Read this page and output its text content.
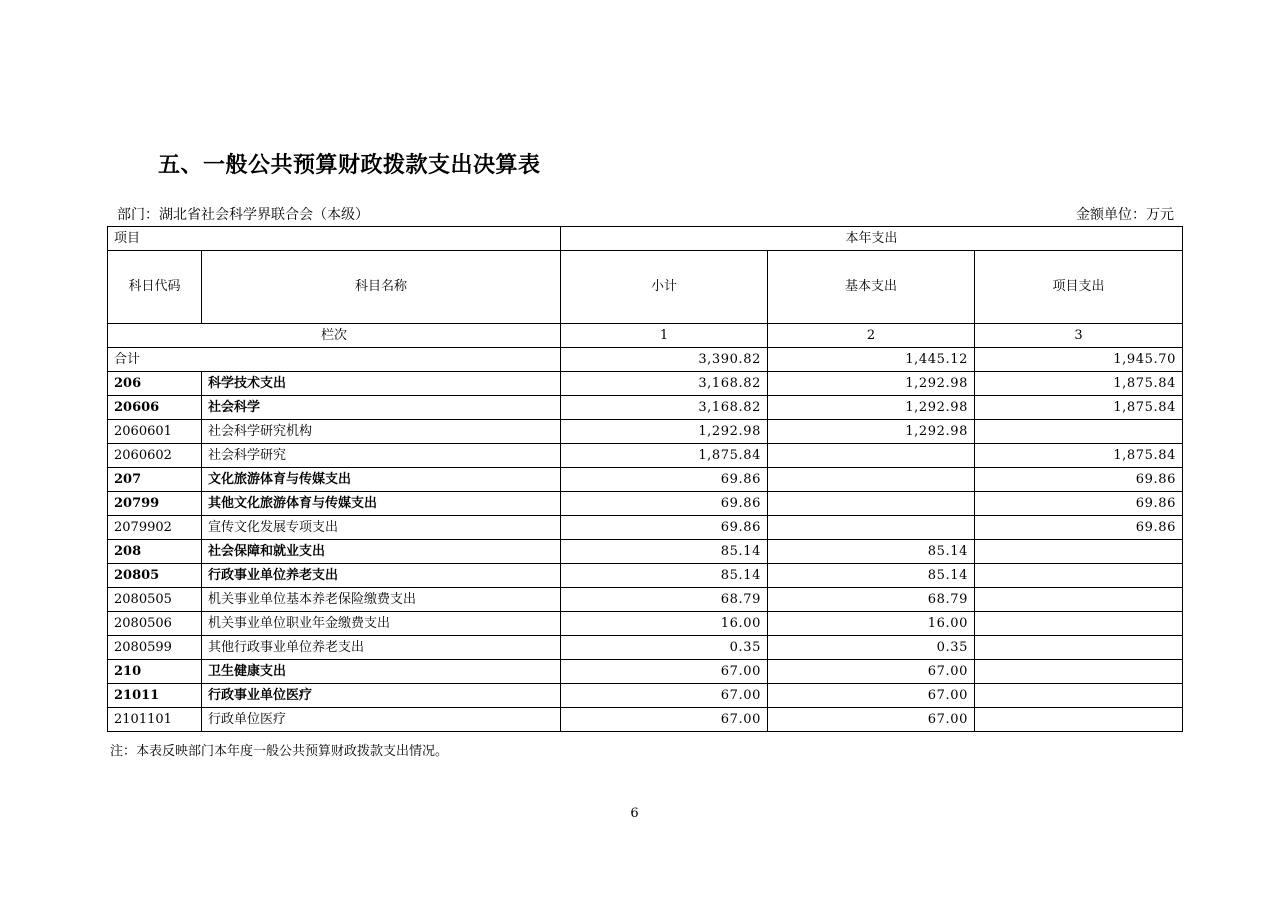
五、一般公共预算财政拨款支出决算表
部门：湖北省社会科学界联合会（本级）	金额单位：万元
项目		本年支出		
科日代码	科目名称	小计	基本支出	项目支出
栏次		1	2	3
合计		3,390.82	1,445.12	1,945.70
206	科学技术支出	3,168.82	1,292.98	1,875.84
20606	社会科学	3,168.82	1,292.98	1,875.84
2060601	社会科学研究机构	1,292.98	1,292.98	
2060602	社会科学研究	1,875.84		1,875.84
207	文化旅游体育与传媒支出	69.86		69.86
20799	其他文化旅游体育与传媒支出	69.86		69.86
2079902	宣传文化发展专项支出	69.86		69.86
208	社会保障和就业支出	85.14	85.14	
20805	行政事业单位养老支出	85.14	85.14	
2080505	机关事业单位基本养老保险缴费支出	68.79	68.79	
2080506	机关事业单位职业年金缴费支出	16.00	16.00	
2080599	其他行政事业单位养老支出	0.35	0.35	
210	卫生健康支出	67.00	67.00	
21011	行政事业单位医疗	67.00	67.00	
2101101	行政单位医疗	67.00	67.00	
注：本表反映部门本年度一般公共预算财政拨款支出情况。
6
